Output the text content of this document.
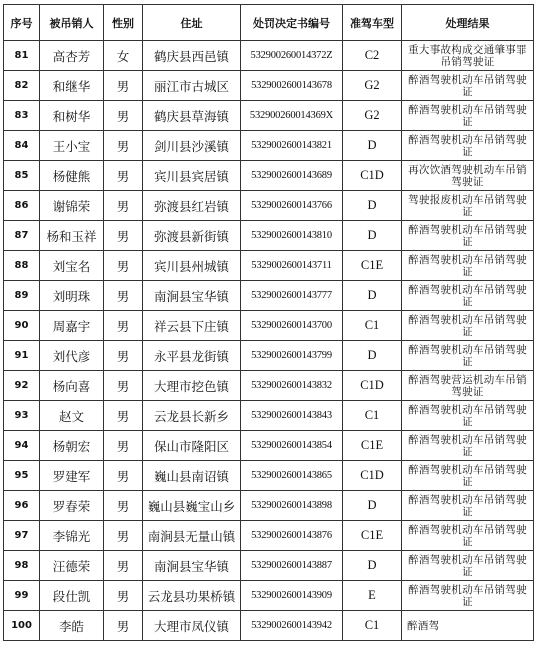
序号	被吊销人	性别	住址	处罚决定书编号	准驾车型	处理结果
81	高杏芳	女	鹤庆县西邑镇	532900260014372Z	C2	重大事故构成交通肇事罪吊销驾驶证
82	和继华	男	丽江市古城区	5329002600143678	G2	醉酒驾驶机动车吊销驾驶证
83	和树华	男	鹤庆县草海镇	532900260014369X	G2	醉酒驾驶机动车吊销驾驶证
84	王小宝	男	剑川县沙溪镇	5329002600143821	D	醉酒驾驶机动车吊销驾驶证
85	杨健熊	男	宾川县宾居镇	5329002600143689	C1D	再次饮酒驾驶机动车吊销驾驶证
86	谢锦荣	男	弥渡县红岩镇	5329002600143766	D	驾驶报废机动车吊销驾驶证
87	杨和玉祥	男	弥渡县新街镇	5329002600143810	D	醉酒驾驶机动车吊销驾驶证
88	刘宝名	男	宾川县州城镇	5329002600143711	C1E	醉酒驾驶机动车吊销驾驶证
89	刘明珠	男	南涧县宝华镇	5329002600143777	D	醉酒驾驶机动车吊销驾驶证
90	周嘉宇	男	祥云县下庄镇	5329002600143700	C1	醉酒驾驶机动车吊销驾驶证
91	刘代彦	男	永平县龙街镇	5329002600143799	D	醉酒驾驶机动车吊销驾驶证
92	杨向喜	男	大理市挖色镇	5329002600143832	C1D	醉酒驾驶营运机动车吊销驾驶证
93	赵文	男	云龙县长新乡	5329002600143843	C1	醉酒驾驶机动车吊销驾驶证
94	杨朝宏	男	保山市隆阳区	5329002600143854	C1E	醉酒驾驶机动车吊销驾驶证
95	罗建军	男	巍山县南诏镇	5329002600143865	C1D	醉酒驾驶机动车吊销驾驶证
96	罗春荣	男	巍山县巍宝山乡	5329002600143898	D	醉酒驾驶机动车吊销驾驶证
97	李锦光	男	南涧县无量山镇	5329002600143876	C1E	醉酒驾驶机动车吊销驾驶证
98	汪德荣	男	南涧县宝华镇	5329002600143887	D	醉酒驾驶机动车吊销驾驶证
99	段仕凯	男	云龙县功果桥镇	5329002600143909	E	醉酒驾驶机动车吊销驾驶证
100	李皓	男	大理市凤仪镇	5329002600143942	C1	醉酒驾
